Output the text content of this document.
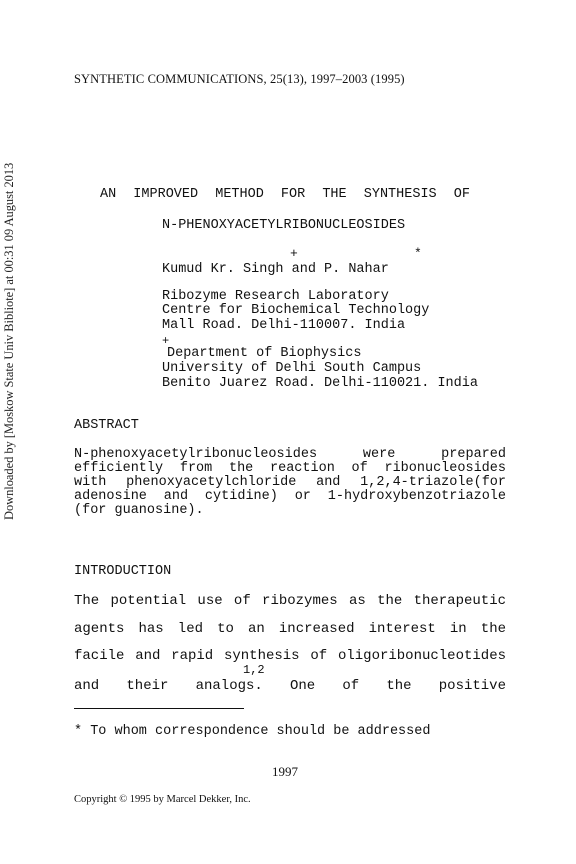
SYNTHETIC COMMUNICATIONS, 25(13), 1997–2003 (1995)
Downloaded by [Moskow State Univ Bibliote] at 00:31 09 August 2013	AN IMPROVED METHOD FOR THE SYNTHESIS OF
N-PHENOXYACETYLRIBONUCLEOSIDES
+	*
Kumud Kr. Singh and P. Nahar
Ribozyme Research Laboratory
Centre for Biochemical Technology
Mall Road. Delhi-110007. India
+
Department of Biophysics
University of Delhi South Campus
Benito Juarez Road. Delhi-110021. India
ABSTRACT
N-phenoxyacetylribonucleosides were prepared
efficiently from the reaction of ribonucleosides
with phenoxyacetylchloride and 1,2,4-triazole(for
adenosine and cytidine) or 1-hydroxybenzotriazole
(for guanosine).
INTRODUCTION
The potential use of ribozymes as the therapeutic
agents has led to an increased interest in the
facile and rapid synthesis of oligoribonucleotides
1,2
and their analogs. One of the positive
* To whom correspondence should be addressed
1997
Copyright © 1995 by Marcel Dekker, Inc.
